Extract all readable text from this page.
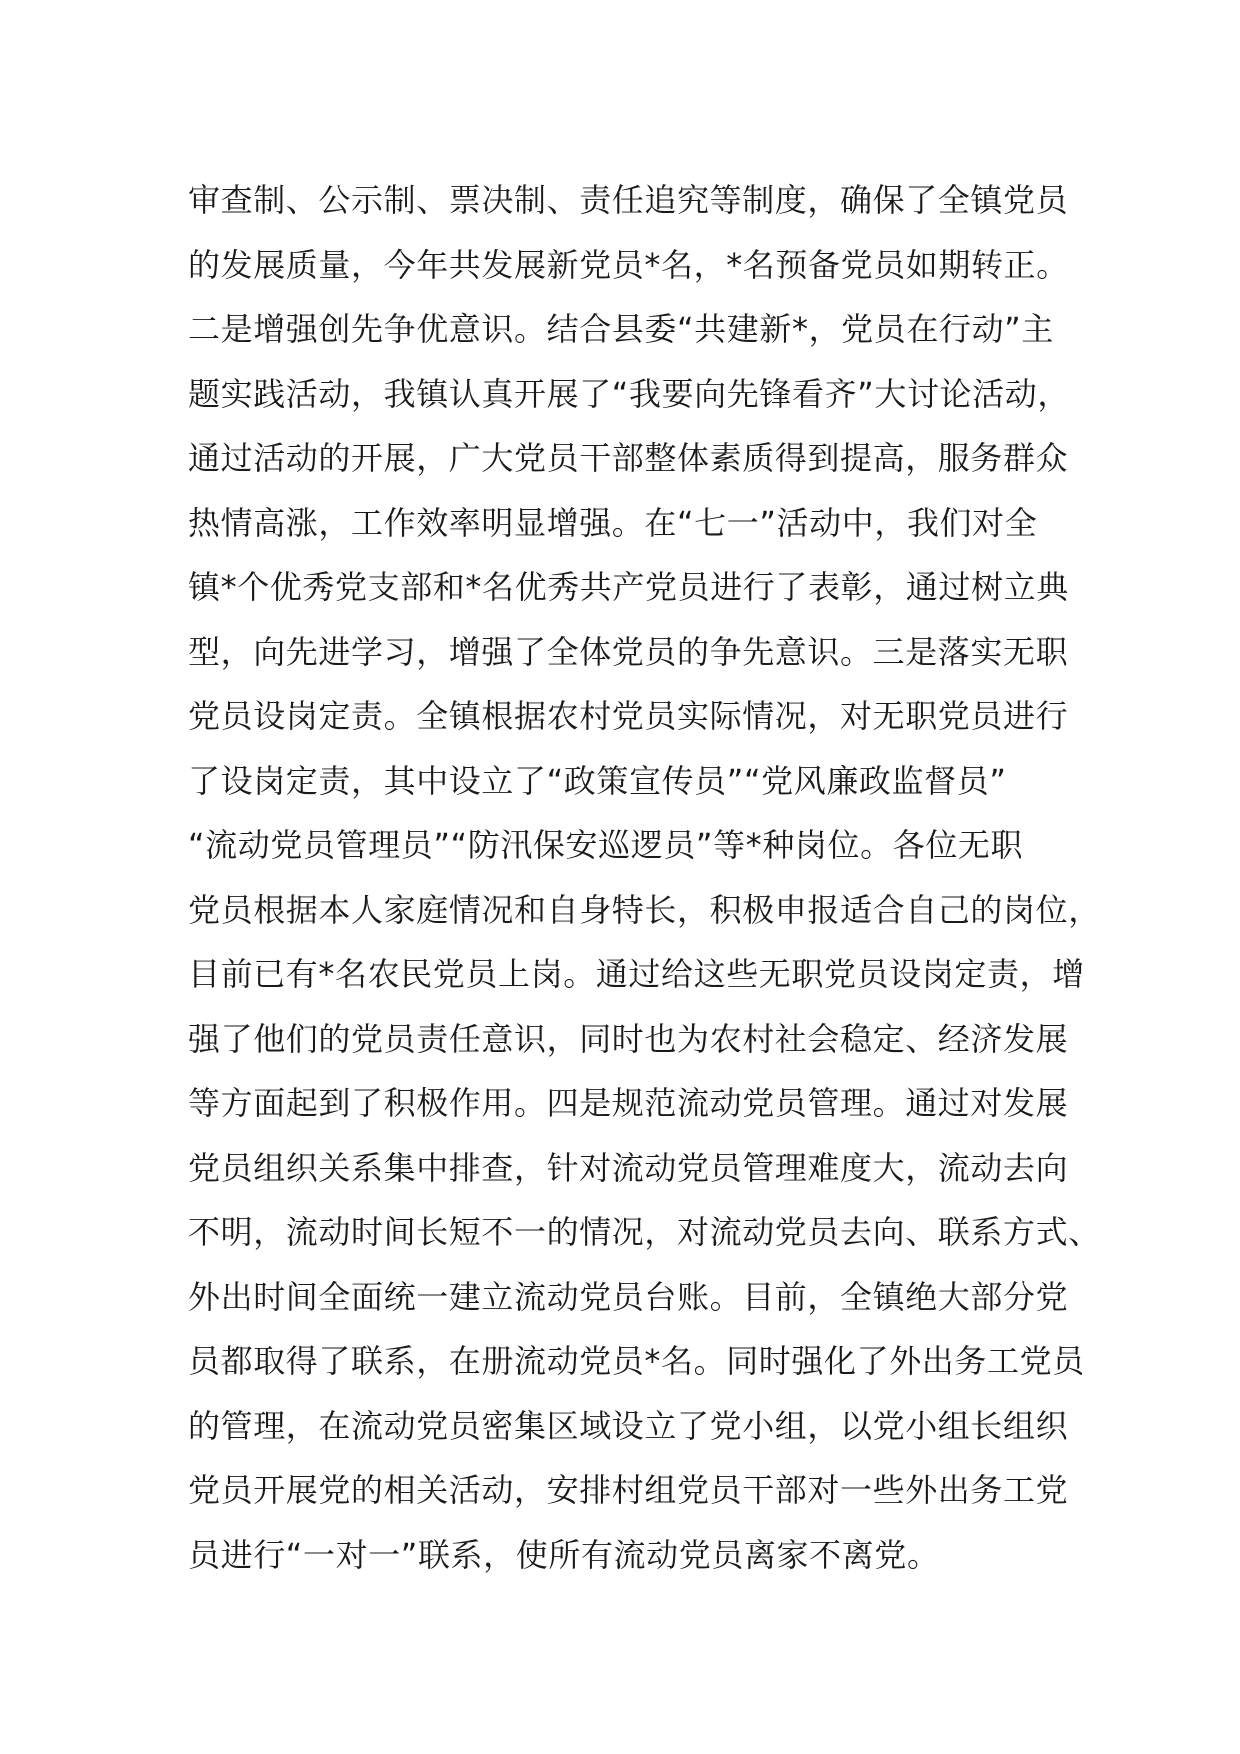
审查制、公示制、票决制、责任追究等制度，确保了全镇党员
的发展质量，今年共发展新党员*名，*名预备党员如期转正。
二是增强创先争优意识。结合县委“共建新*，党员在行动”主
题实践活动，我镇认真开展了“我要向先锋看齐”大讨论活动，
通过活动的开展，广大党员干部整体素质得到提高，服务群众
热情高涨，工作效率明显增强。在“七一”活动中，我们对全
镇*个优秀党支部和*名优秀共产党员进行了表彰，通过树立典
型，向先进学习，增强了全体党员的争先意识。三是落实无职
党员设岗定责。全镇根据农村党员实际情况，对无职党员进行
了设岗定责，其中设立了“政策宣传员”“党风廉政监督员”
“流动党员管理员”“防汛保安巡逻员”等*种岗位。各位无职
党员根据本人家庭情况和自身特长，积极申报适合自己的岗位，
目前已有*名农民党员上岗。通过给这些无职党员设岗定责，增
强了他们的党员责任意识，同时也为农村社会稳定、经济发展
等方面起到了积极作用。四是规范流动党员管理。通过对发展
党员组织关系集中排查，针对流动党员管理难度大，流动去向
不明，流动时间长短不一的情况，对流动党员去向、联系方式、
外出时间全面统一建立流动党员台账。目前，全镇绝大部分党
员都取得了联系，在册流动党员*名。同时强化了外出务工党员
的管理，在流动党员密集区域设立了党小组，以党小组长组织
党员开展党的相关活动，安排村组党员干部对一些外出务工党
员进行“一对一”联系，使所有流动党员离家不离党。
